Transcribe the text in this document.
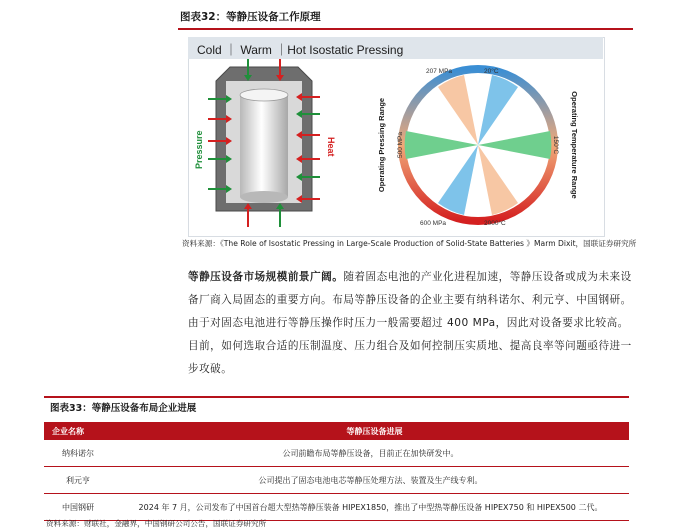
图表32：等静压设备工作原理
Cold ｜ Warm ｜Hot Isostatic Pressing
Pressure	Heat
207 MPa	20°C
600 MPa	2000°C
500 MPa	150°C
Operating Pressing Range	Operating Temperature Range
资料来源：《The Role of Isostatic Pressing in Large-Scale Production of Solid-State Batteries 》Marm Dixit，国联证券研究所
等静压设备市场规模前景广阔。随着固态电池的产业化进程加速，等静压设备或成为未来设备厂商入局固态的重要方向。布局等静压设备的企业主要有纳科诺尔、利元亨、中国钢研。由于对固态电池进行等静压操作时压力一般需要超过 400 MPa，因此对设备要求比较高。目前，如何选取合适的压制温度、压力组合及如何控制压实质地、提高良率等问题亟待进一步攻破。
图表33：等静压设备布局企业进展
企业名称	等静压设备进展
纳科诺尔	公司前瞻布局等静压设备，目前正在加快研发中。
利元亨	公司提出了固态电池电芯等静压处理方法、装置及生产线专利。
中国钢研	2024 年 7 月，公司发布了中国首台超大型热等静压装备 HIPEX1850，推出了中型热等静压设备 HIPEX750 和 HIPEX500 二代。
资料来源：财联社，金融界，中国钢研公司公告，国联证券研究所
